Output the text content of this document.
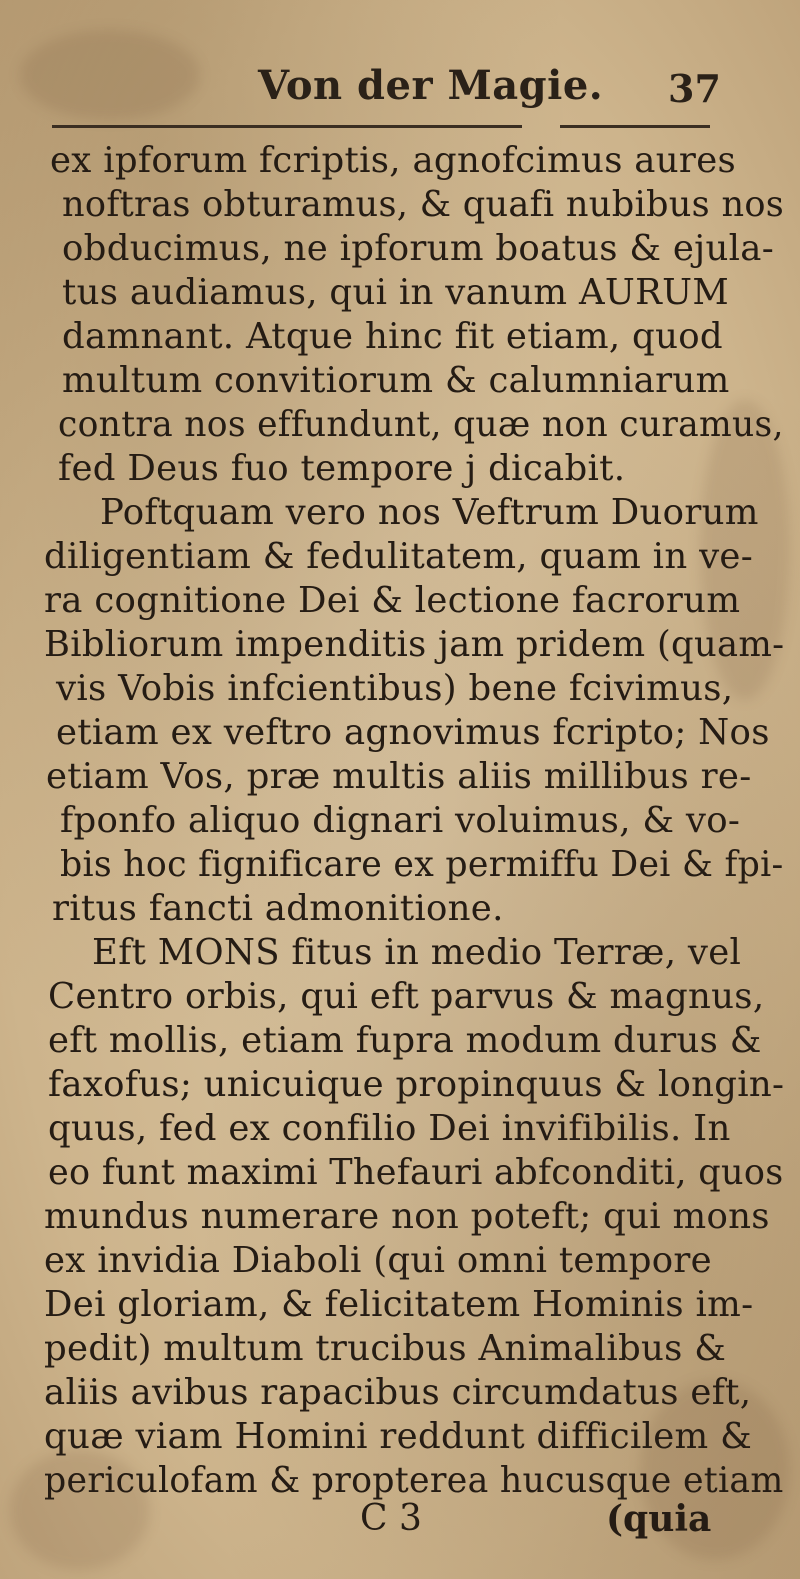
Von der Magie. 37
ex ipforum fcriptis, agnofcimus aures
noftras obturamus, & quafi nubibus nos
obducimus, ne ipforum boatus & ejula-
tus audiamus, qui in vanum AURUM
damnant. Atque hinc fit etiam, quod
multum convitiorum & calumniarum
contra nos effundunt, quæ non curamus,
fed Deus fuo tempore j dicabit.
Poftquam vero nos Veftrum Duorum
diligentiam & fedulitatem, quam in ve-
ra cognitione Dei & lectione facrorum
Bibliorum impenditis jam pridem (quam-
vis Vobis infcientibus) bene fcivimus,
etiam ex veftro agnovimus fcripto; Nos
etiam Vos, præ multis aliis millibus re-
fponfo aliquo dignari voluimus, & vo-
bis hoc fignificare ex permiffu Dei & fpi-
ritus fancti admonitione.
Eft MONS fitus in medio Terræ, vel
Centro orbis, qui eft parvus & magnus,
eft mollis, etiam fupra modum durus &
faxofus; unicuique propinquus & longin-
quus, fed ex confilio Dei invifibilis. In
eo funt maximi Thefauri abfconditi, quos
mundus numerare non poteft; qui mons
ex invidia Diaboli (qui omni tempore
Dei gloriam, & felicitatem Hominis im-
pedit) multum trucibus Animalibus &
aliis avibus rapacibus circumdatus eft,
quæ viam Homini reddunt difficilem &
periculofam & propterea hucusque etiam
C 3	(quia
